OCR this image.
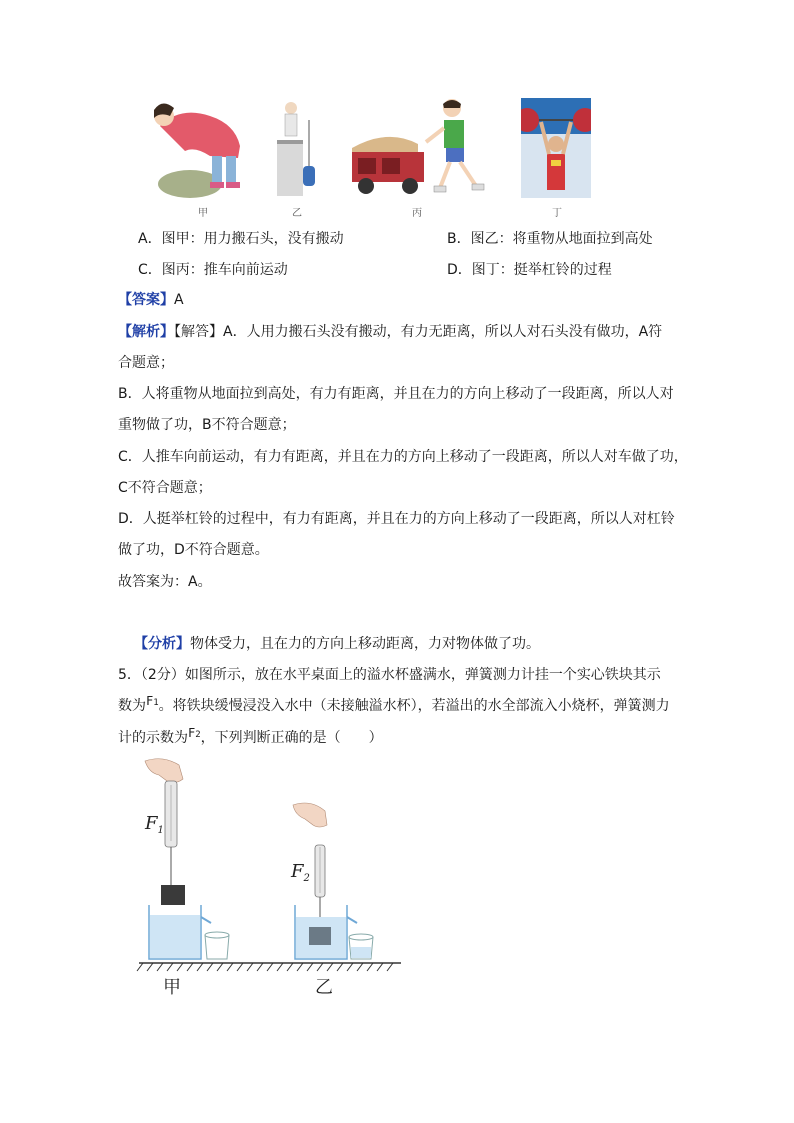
甲	乙	丙	丁
A．图甲：用力搬石头，没有搬动	B．图乙：将重物从地面拉到高处
C．图丙：推车向前运动	D．图丁：挺举杠铃的过程
【答案】A
【解析】【解答】A．人用力搬石头没有搬动，有力无距离，所以人对石头没有做功，A符
合题意；
B．人将重物从地面拉到高处，有力有距离，并且在力的方向上移动了一段距离，所以人对
重物做了功，B不符合题意；
C．人推车向前运动，有力有距离，并且在力的方向上移动了一段距离，所以人对车做了功，
C不符合题意；
D．人挺举杠铃的过程中，有力有距离，并且在力的方向上移动了一段距离，所以人对杠铃
做了功，D不符合题意。
故答案为：A。
【分析】物体受力，且在力的方向上移动距离，力对物体做了功。
5．（2分）如图所示，放在水平桌面上的溢水杯盛满水，弹簧测力计挂一个实心铁块其示
数为F1。将铁块缓慢浸没入水中（未接触溢水杯），若溢出的水全部流入小烧杯，弹簧测力
计的示数为F2，下列判断正确的是（　　）
$F_1$
$F_2$
甲	乙
